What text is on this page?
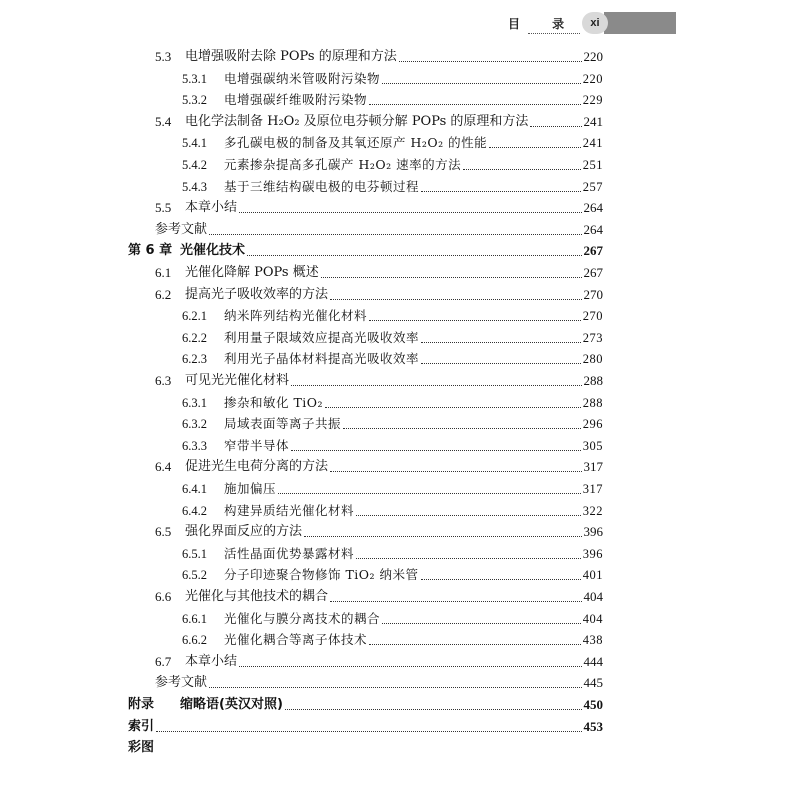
xi
目 录
5.3	电增强吸附去除 POPs 的原理和方法	220
5.3.1	电增强碳纳米管吸附污染物	220
5.3.2	电增强碳纤维吸附污染物	229
5.4	电化学法制备 H₂O₂ 及原位电芬顿分解 POPs 的原理和方法	241
5.4.1	多孔碳电极的制备及其氧还原产 H₂O₂ 的性能	241
5.4.2	元素掺杂提高多孔碳产 H₂O₂ 速率的方法	251
5.4.3	基于三维结构碳电极的电芬顿过程	257
5.5	本章小结	264
参考文献	264
第 6 章 光催化技术	267
6.1	光催化降解 POPs 概述	267
6.2	提高光子吸收效率的方法	270
6.2.1	纳米阵列结构光催化材料	270
6.2.2	利用量子限域效应提高光吸收效率	273
6.2.3	利用光子晶体材料提高光吸收效率	280
6.3	可见光光催化材料	288
6.3.1	掺杂和敏化 TiO₂	288
6.3.2	局域表面等离子共振	296
6.3.3	窄带半导体	305
6.4	促进光生电荷分离的方法	317
6.4.1	施加偏压	317
6.4.2	构建异质结光催化材料	322
6.5	强化界面反应的方法	396
6.5.1	活性晶面优势暴露材料	396
6.5.2	分子印迹聚合物修饰 TiO₂ 纳米管	401
6.6	光催化与其他技术的耦合	404
6.6.1	光催化与膜分离技术的耦合	404
6.6.2	光催化耦合等离子体技术	438
6.7	本章小结	444
参考文献	445
附录	缩略语(英汉对照)	450
索引	453
彩图
